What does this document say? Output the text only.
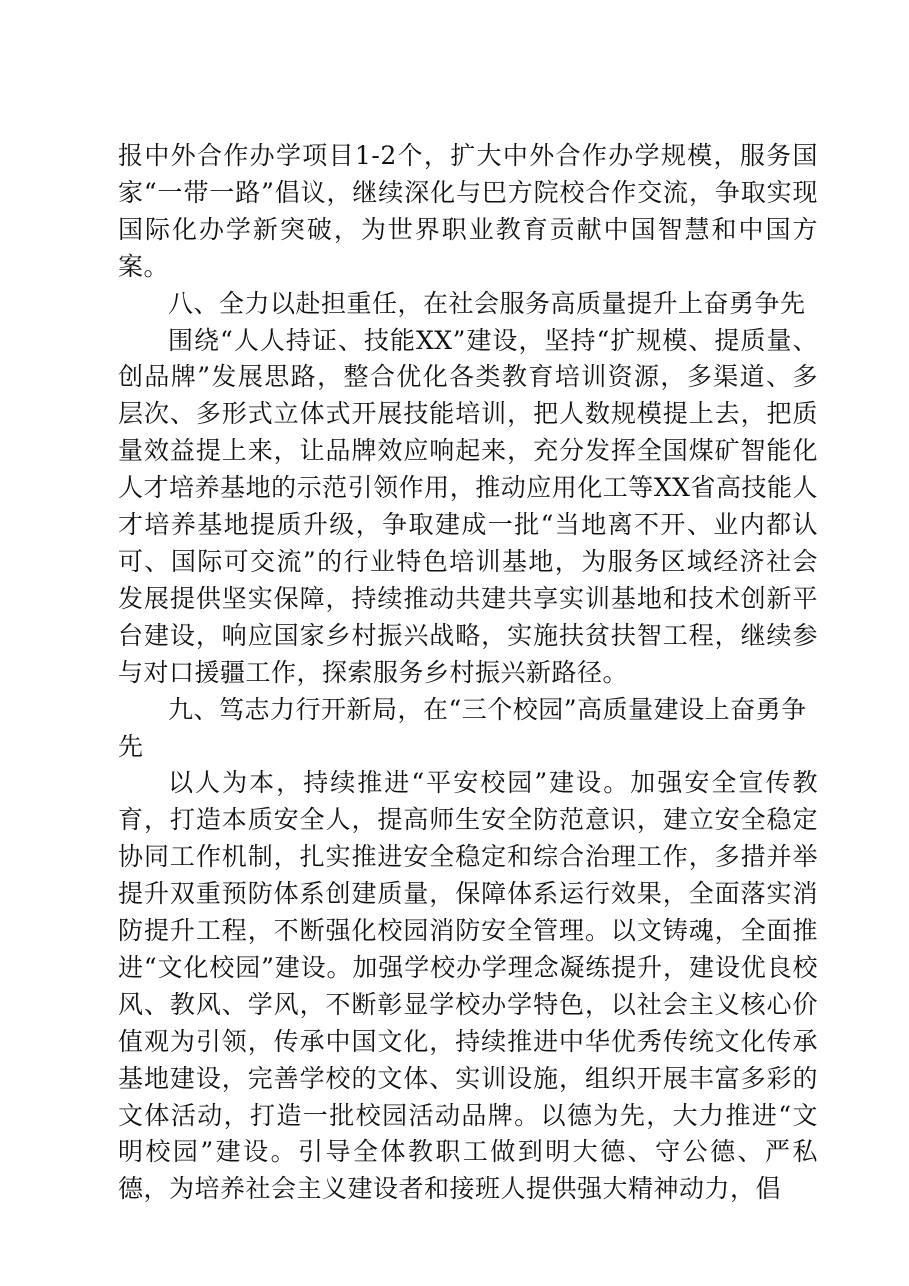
报中外合作办学项目1-2个，扩大中外合作办学规模，服务国家“一带一路”倡议，继续深化与巴方院校合作交流，争取实现国际化办学新突破，为世界职业教育贡献中国智慧和中国方案。

八、全力以赴担重任，在社会服务高质量提升上奋勇争先

围绕“人人持证、技能XX”建设，坚持“扩规模、提质量、创品牌”发展思路，整合优化各类教育培训资源，多渠道、多层次、多形式立体式开展技能培训，把人数规模提上去，把质量效益提上来，让品牌效应响起来，充分发挥全国煤矿智能化人才培养基地的示范引领作用，推动应用化工等XX省高技能人才培养基地提质升级，争取建成一批“当地离不开、业内都认可、国际可交流”的行业特色培训基地，为服务区域经济社会发展提供坚实保障，持续推动共建共享实训基地和技术创新平台建设，响应国家乡村振兴战略，实施扶贫扶智工程，继续参与对口援疆工作，探索服务乡村振兴新路径。

九、笃志力行开新局，在“三个校园”高质量建设上奋勇争先

以人为本，持续推进“平安校园”建设。加强安全宣传教育，打造本质安全人，提高师生安全防范意识，建立安全稳定协同工作机制，扎实推进安全稳定和综合治理工作，多措并举提升双重预防体系创建质量，保障体系运行效果，全面落实消防提升工程，不断强化校园消防安全管理。以文铸魂，全面推进“文化校园”建设。加强学校办学理念凝练提升，建设优良校风、教风、学风，不断彰显学校办学特色，以社会主义核心价值观为引领，传承中国文化，持续推进中华优秀传统文化传承基地建设，完善学校的文体、实训设施，组织开展丰富多彩的文体活动，打造一批校园活动品牌。以德为先，大力推进“文明校园”建设。引导全体教职工做到明大德、守公德、严私德，为培养社会主义建设者和接班人提供强大精神动力，倡
